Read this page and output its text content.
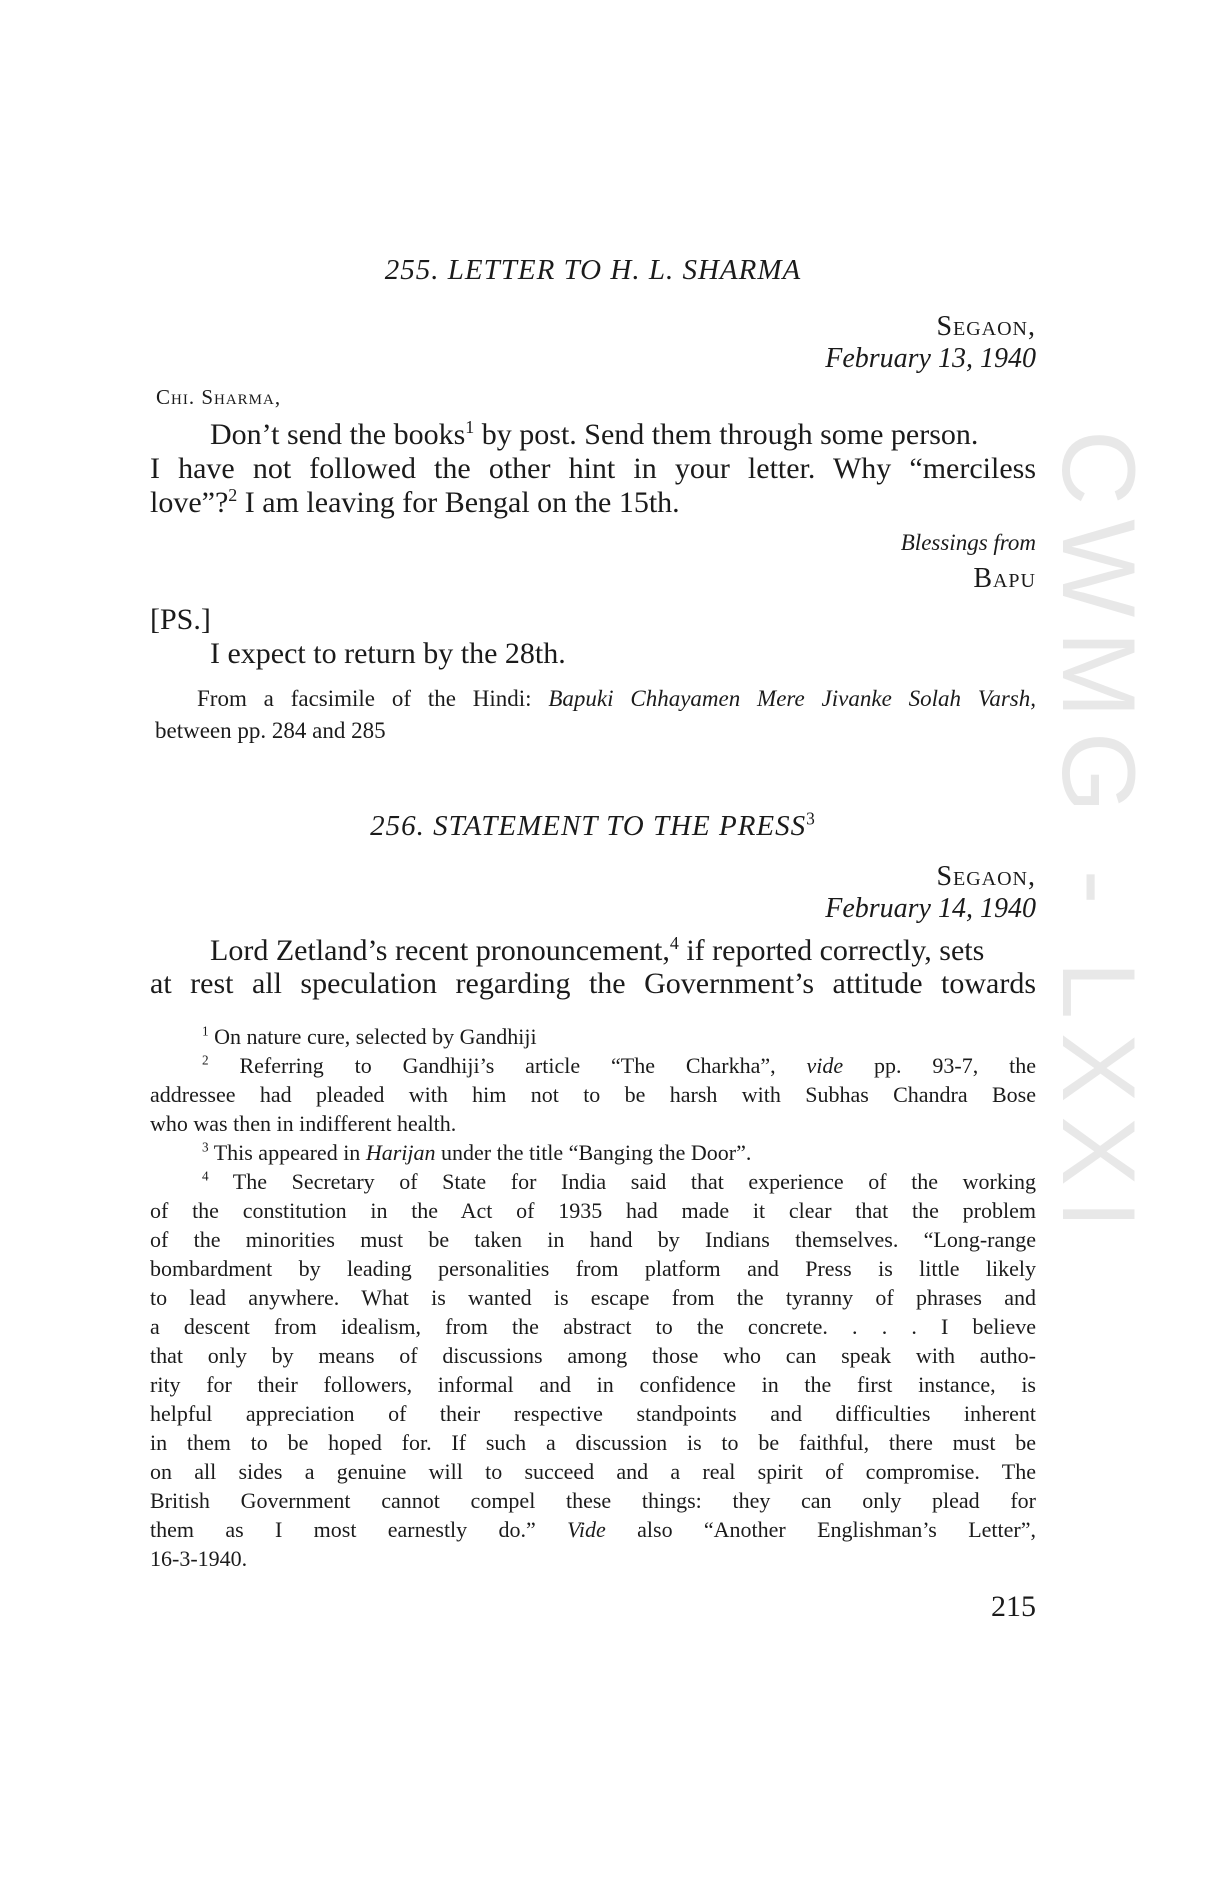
CWMG - LXXI
255. LETTER TO H. L. SHARMA
Segaon,
February 13, 1940
Chi. Sharma,
Don’t send the books$^1$ by post. Send them through some person.
I have not followed the other hint in your letter. Why “merciless
love”?$^2$ I am leaving for Bengal on the 15th.
Blessings from
Bapu
[PS.]
I expect to return by the 28th.
From a facsimile of the Hindi: Bapuki Chhayamen Mere Jivanke Solah Varsh,
between pp. 284 and 285
256. STATEMENT TO THE PRESS$^3$
Segaon,
February 14, 1940
Lord Zetland’s recent pronouncement,$^4$ if reported correctly, sets
at rest all speculation regarding the Government’s attitude towards
$^1$ On nature cure, selected by Gandhiji
$^2$ Referring to Gandhiji’s article “The Charkha”, vide pp. 93-7, the
addressee had pleaded with him not to be harsh with Subhas Chandra Bose
who was then in indifferent health.
$^3$ This appeared in Harijan under the title “Banging the Door”.
$^4$ The Secretary of State for India said that experience of the working
of the constitution in the Act of 1935 had made it clear that the problem
of the minorities must be taken in hand by Indians themselves. “Long-range
bombardment by leading personalities from platform and Press is little likely
to lead anywhere. What is wanted is escape from the tyranny of phrases and
a descent from idealism, from the abstract to the concrete. . . . I believe
that only by means of discussions among those who can speak with autho-
rity for their followers, informal and in confidence in the first instance, is
helpful appreciation of their respective standpoints and difficulties inherent
in them to be hoped for. If such a discussion is to be faithful, there must be
on all sides a genuine will to succeed and a real spirit of compromise. The
British Government cannot compel these things: they can only plead for
them as I most earnestly do.” Vide also “Another Englishman’s Letter”,
16-3-1940.
215
